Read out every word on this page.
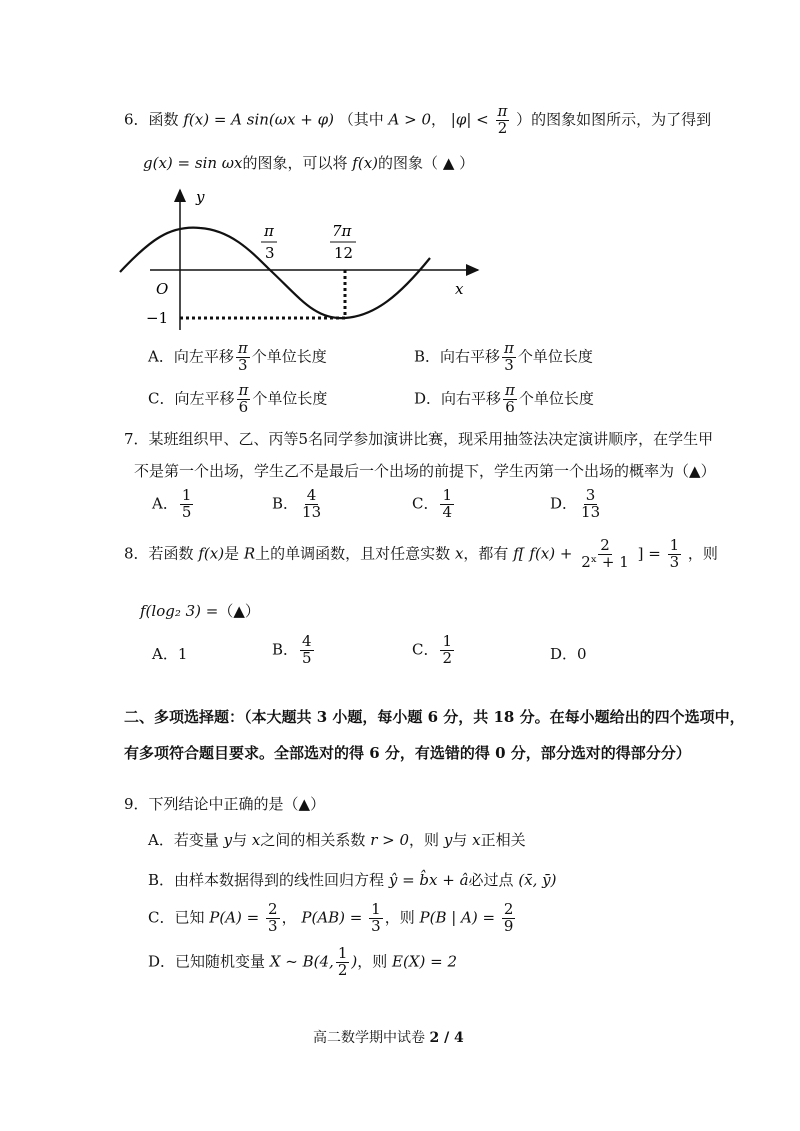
6．函数 f(x) = A sin(ωx + φ) （其中 A > 0， $|\varphi| < \frac{\pi}{2}$ ）的图象如图所示，为了得到
g(x) = sin ωx的图象，可以将 f(x)的图象（ ▲ ）
y
x
O
−1
π
3
7π
12
A．向左平移 $\frac{\pi}{3}$ 个单位长度	B．向右平移 $\frac{\pi}{3}$ 个单位长度
C．向左平移 $\frac{\pi}{6}$ 个单位长度	D．向右平移 $\frac{\pi}{6}$ 个单位长度
7．某班组织甲、乙、丙等5名同学参加演讲比赛，现采用抽签法决定演讲顺序，在学生甲
不是第一个出场，学生乙不是最后一个出场的前提下，学生丙第一个出场的概率为（▲）
A． $\frac{1}{5}$	B． $\frac{4}{13}$	C． $\frac{1}{4}$	D． $\frac{3}{13}$
8．若函数 f(x)是 R上的单调函数，且对任意实数 x，都有 f[ $f(x) + \frac{2}{\text{2ˣ + 1}}$ ] = $\frac{1}{3}$ ，则
f(log₂ 3) =（▲）
A．1	B． $\frac{4}{5}$	C． $\frac{1}{2}$	D．0
二、多项选择题：（本大题共 3 小题，每小题 6 分，共 18 分。在每小题给出的四个选项中，
有多项符合题目要求。全部选对的得 6 分，有选错的得 0 分，部分选对的得部分分）
9．下列结论中正确的是（▲）
A．若变量 y与 x之间的相关系数 r > 0，则 y与 x正相关
B．由样本数据得到的线性回归方程 ŷ = b̂x + â必过点 (x̄, ȳ)
C．已知 $P(A) = \frac{2}{3}$ ， $P(AB) = \frac{1}{3}$ ，则 P(B | $A) = \frac{2}{9}$
D．已知随机变量 X ~ B(4, $\frac{1}{2}$ )，则 E(X) = 2
高二数学期中试卷 2 / 4
